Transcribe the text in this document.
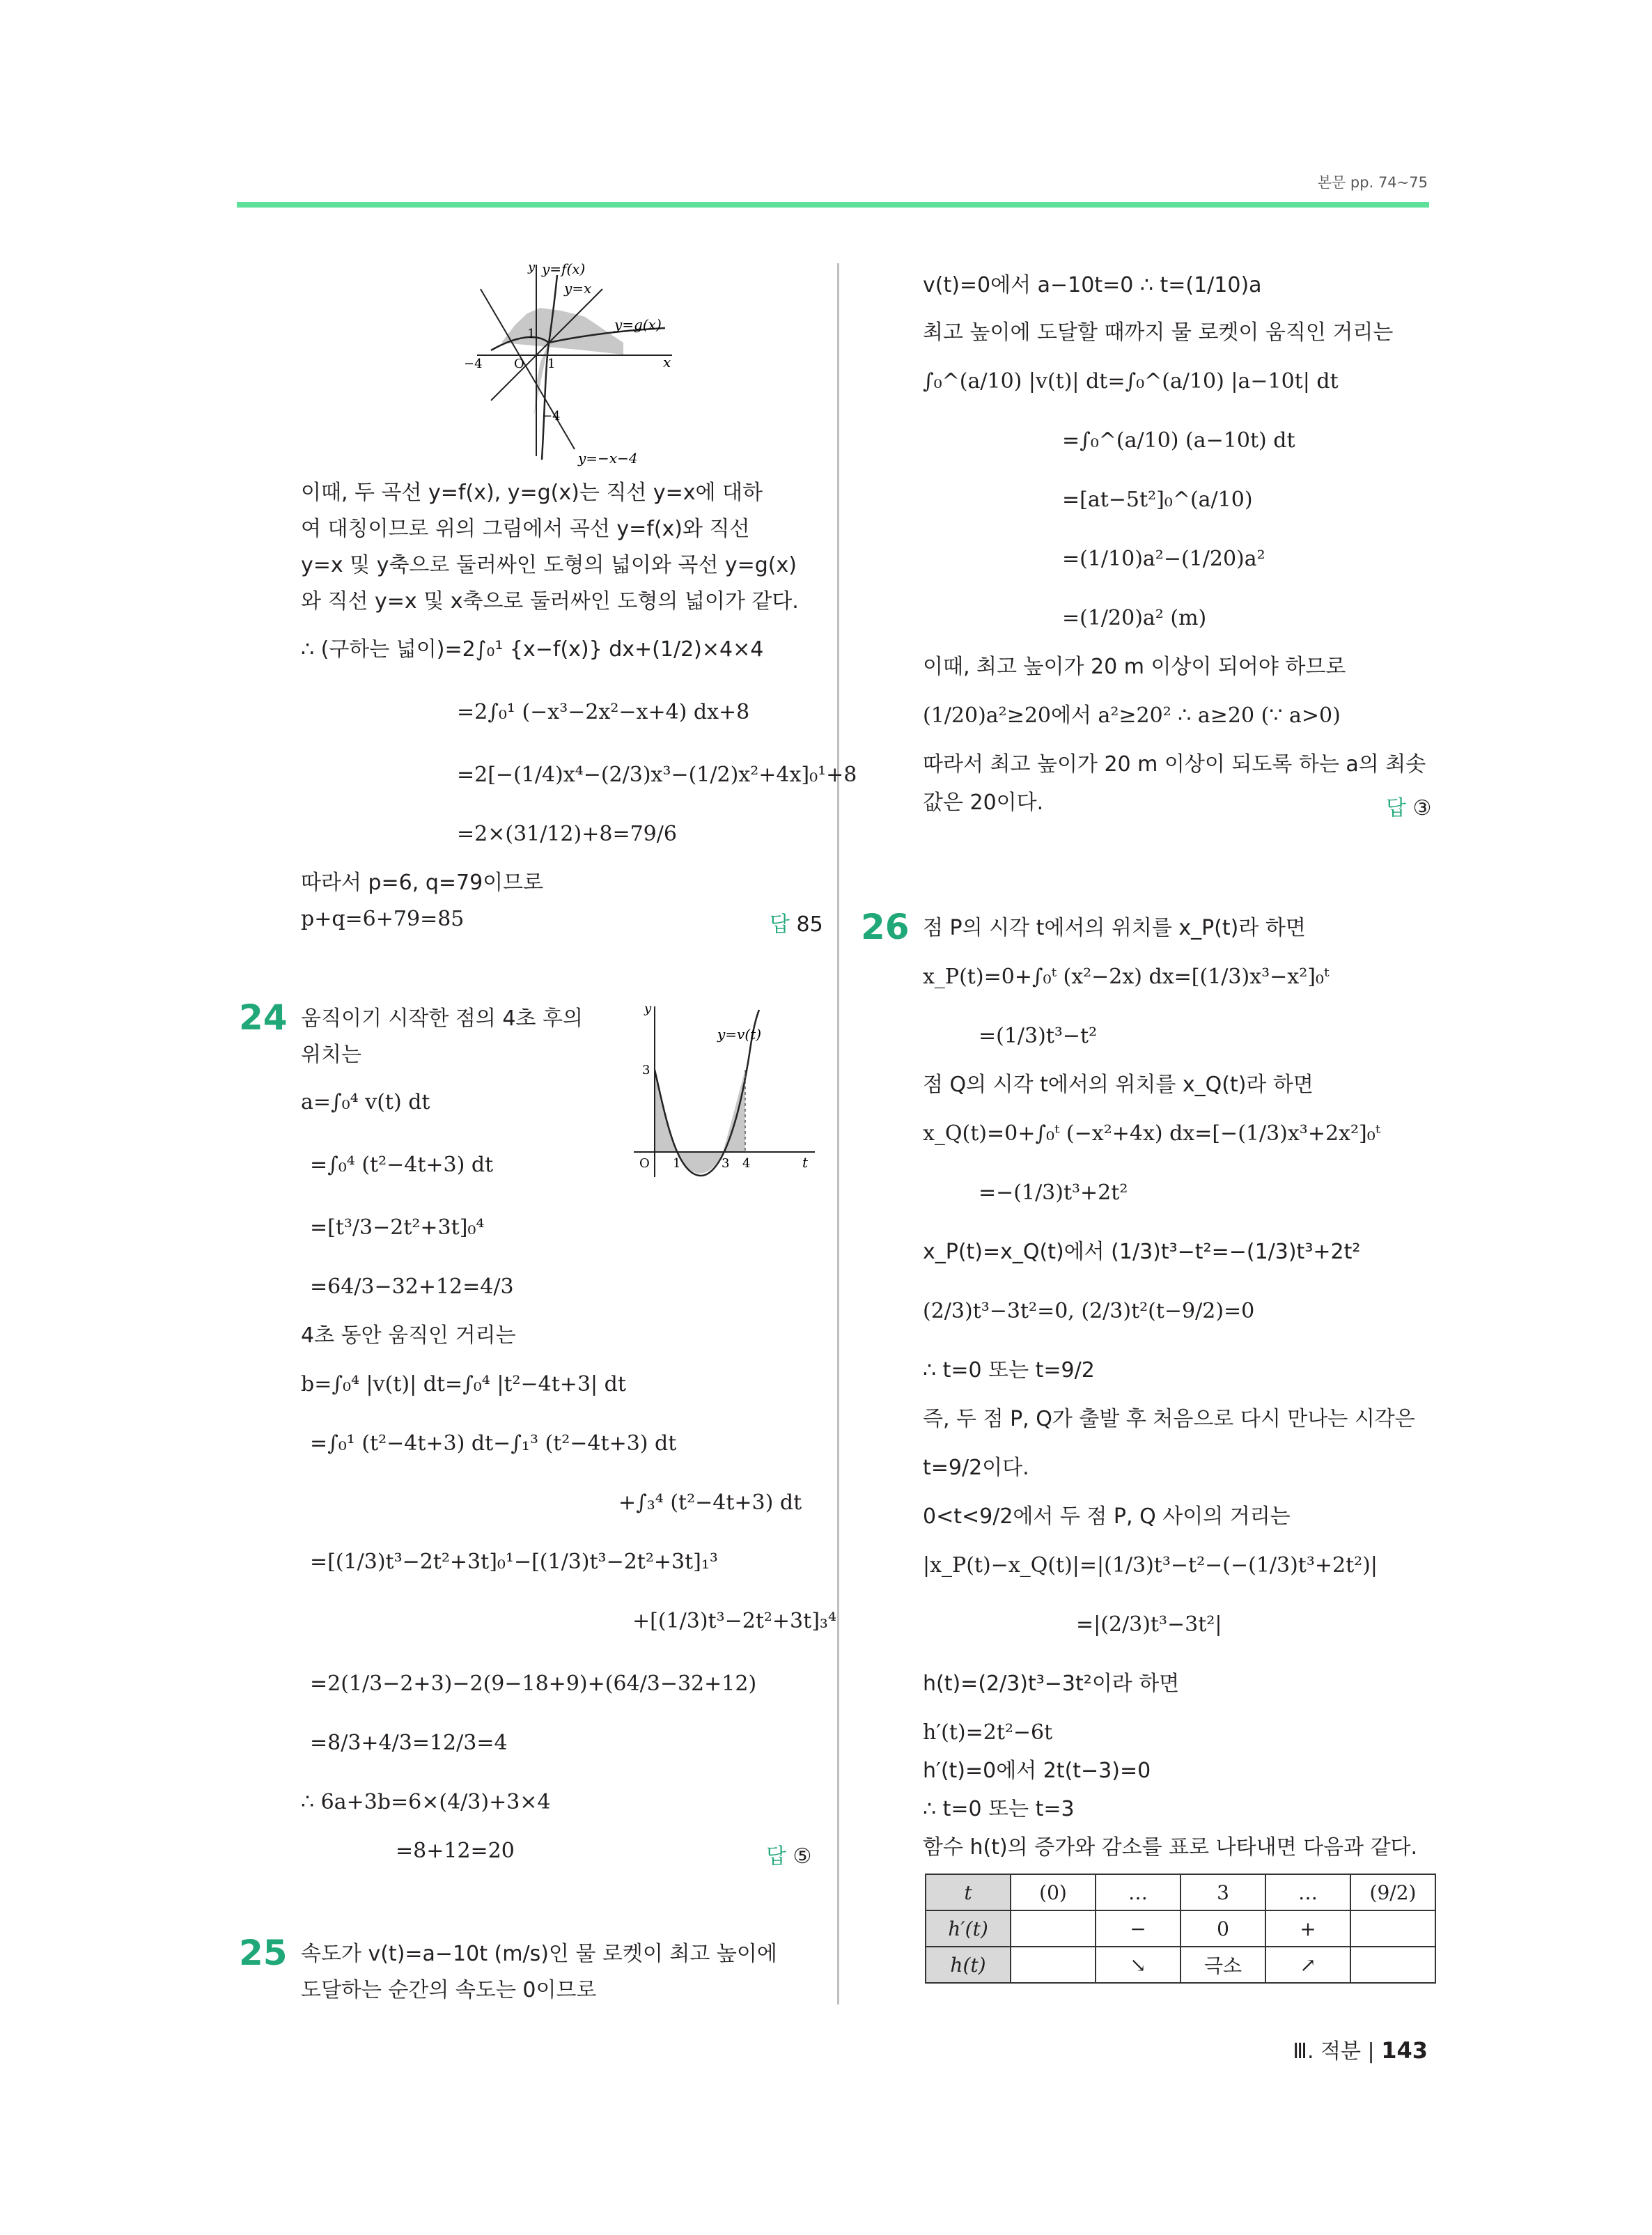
본문 pp. 74~75
y
x
y=f(x)
y=x
y=g(x)
−4	O 1
1
−4
y=−x−4
이때, 두 곡선 y=f(x), y=g(x)는 직선 y=x에 대하
여 대칭이므로 위의 그림에서 곡선 y=f(x)와 직선
y=x 및 y축으로 둘러싸인 도형의 넓이와 곡선 y=g(x)
와 직선 y=x 및 x축으로 둘러싸인 도형의 넓이가 같다.
∴ (구하는 넓이)=2∫₀¹ {x−f(x)} dx+(1/2)×4×4
=2∫₀¹ (−x³−2x²−x+4) dx+8
=2[−(1/4)x⁴−(2/3)x³−(1/2)x²+4x]₀¹+8
=2×(31/12)+8=79/6
따라서 p=6, q=79이므로
p+q=6+79=85	답 85
24 움직이기 시작한 점의 4초 후의
위치는
a=∫₀⁴ v(t) dt
=∫₀⁴ (t²−4t+3) dt
=[t³/3−2t²+3t]₀⁴
=64/3−32+12=4/3
4초 동안 움직인 거리는
b=∫₀⁴ |v(t)| dt=∫₀⁴ |t²−4t+3| dt
=∫₀¹ (t²−4t+3) dt−∫₁³ (t²−4t+3) dt
+∫₃⁴ (t²−4t+3) dt
=[(1/3)t³−2t²+3t]₀¹−[(1/3)t³−2t²+3t]₁³
+[(1/3)t³−2t²+3t]₃⁴
=2(1/3−2+3)−2(9−18+9)+(64/3−32+12)
=8/3+4/3=12/3=4
∴ 6a+3b=6×(4/3)+3×4
=8+12=20	답 ⑤
y
y=v(t)
3
O 1	3 4	t
25 속도가 v(t)=a−10t (m/s)인 물 로켓이 최고 높이에
도달하는 순간의 속도는 0이므로
v(t)=0에서 a−10t=0 ∴ t=(1/10)a
최고 높이에 도달할 때까지 물 로켓이 움직인 거리는
∫₀^(a/10) |v(t)| dt=∫₀^(a/10) |a−10t| dt
=∫₀^(a/10) (a−10t) dt
=[at−5t²]₀^(a/10)
=(1/10)a²−(1/20)a²
=(1/20)a² (m)
이때, 최고 높이가 20 m 이상이 되어야 하므로
(1/20)a²≥20에서 a²≥20² ∴ a≥20 (∵ a>0)
따라서 최고 높이가 20 m 이상이 되도록 하는 a의 최솟
값은 20이다.	답 ③
26 점 P의 시각 t에서의 위치를 x_P(t)라 하면
x_P(t)=0+∫₀ᵗ (x²−2x) dx=[(1/3)x³−x²]₀ᵗ
=(1/3)t³−t²
점 Q의 시각 t에서의 위치를 x_Q(t)라 하면
x_Q(t)=0+∫₀ᵗ (−x²+4x) dx=[−(1/3)x³+2x²]₀ᵗ
=−(1/3)t³+2t²
x_P(t)=x_Q(t)에서 (1/3)t³−t²=−(1/3)t³+2t²
(2/3)t³−3t²=0, (2/3)t²(t−9/2)=0
∴ t=0 또는 t=9/2
즉, 두 점 P, Q가 출발 후 처음으로 다시 만나는 시각은
t=9/2이다.
0<t<9/2에서 두 점 P, Q 사이의 거리는
|x_P(t)−x_Q(t)|=|(1/3)t³−t²−(−(1/3)t³+2t²)|
=|(2/3)t³−3t²|
h(t)=(2/3)t³−3t²이라 하면
h′(t)=2t²−6t
h′(t)=0에서 2t(t−3)=0
∴ t=0 또는 t=3
함수 h(t)의 증가와 감소를 표로 나타내면 다음과 같다.
t	(0)	…	3	…	(9/2)
h′(t)		−	0	+	
h(t)		↘	극소	↗	
Ⅲ. 적분 | 143
